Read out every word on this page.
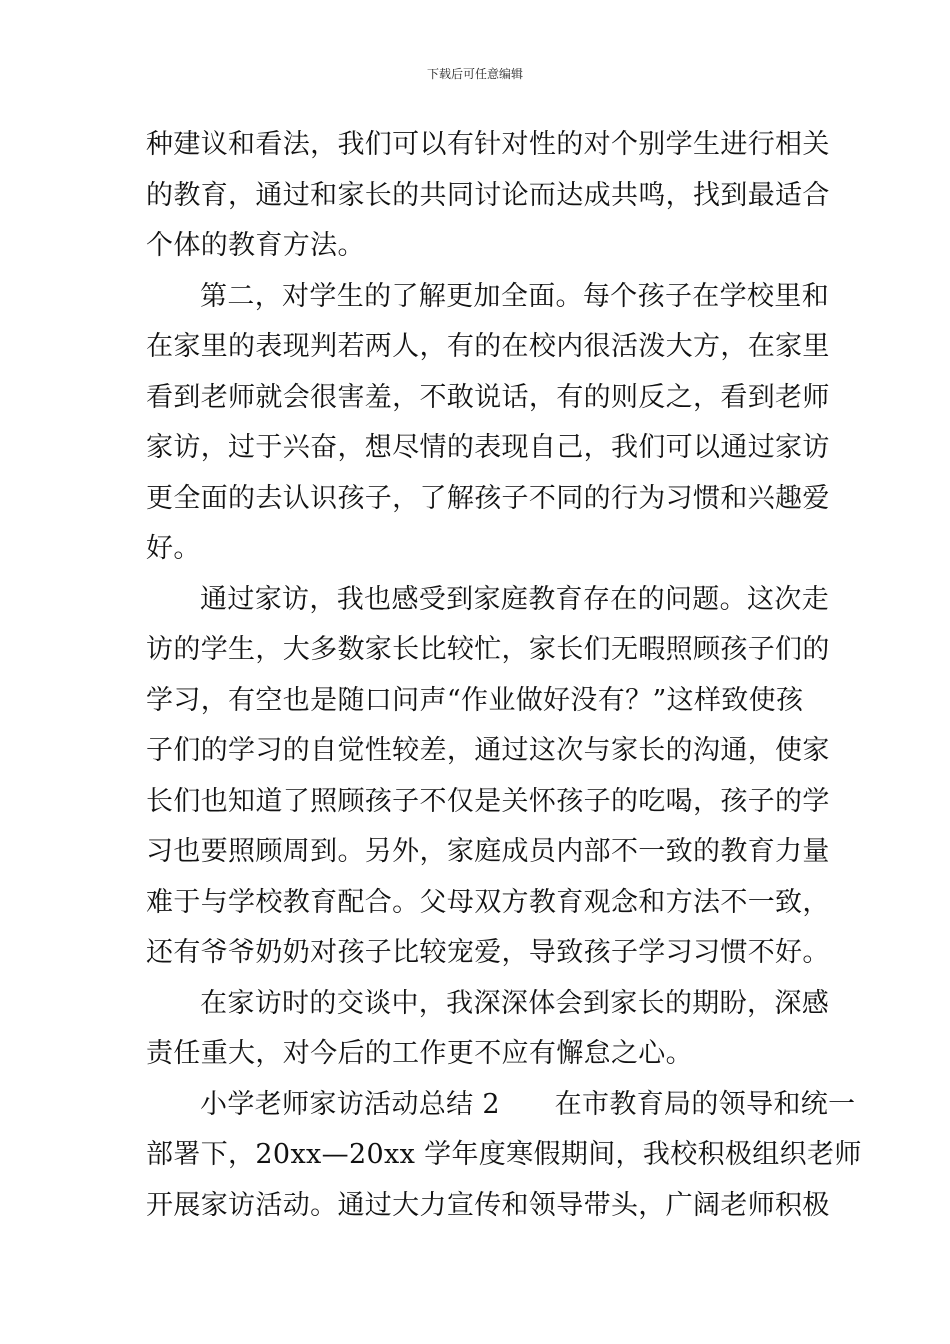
下载后可任意编辑

种建议和看法，我们可以有针对性的对个别学生进行相关
的教育，通过和家长的共同讨论而达成共鸣，找到最适合
个体的教育方法。

第二，对学生的了解更加全面。每个孩子在学校里和

在家里的表现判若两人，有的在校内很活泼大方，在家里
看到老师就会很害羞，不敢说话，有的则反之，看到老师
家访，过于兴奋，想尽情的表现自己，我们可以通过家访
更全面的去认识孩子，了解孩子不同的行为习惯和兴趣爱
好。

通过家访，我也感受到家庭教育存在的问题。这次走

访的学生，大多数家长比较忙，家长们无暇照顾孩子们的
学习，有空也是随口问声“作业做好没有？”这样致使孩
子们的学习的自觉性较差，通过这次与家长的沟通，使家
长们也知道了照顾孩子不仅是关怀孩子的吃喝，孩子的学
习也要照顾周到。另外，家庭成员内部不一致的教育力量
难于与学校教育配合。父母双方教育观念和方法不一致，
还有爷爷奶奶对孩子比较宠爱，导致孩子学习习惯不好。

在家访时的交谈中，我深深体会到家长的期盼，深感

责任重大，对今后的工作更不应有懈怠之心。

小学老师家访活动总结 2　　在市教育局的领导和统一

部署下，20xx—20xx 学年度寒假期间，我校积极组织老师
开展家访活动。通过大力宣传和领导带头，广阔老师积极
